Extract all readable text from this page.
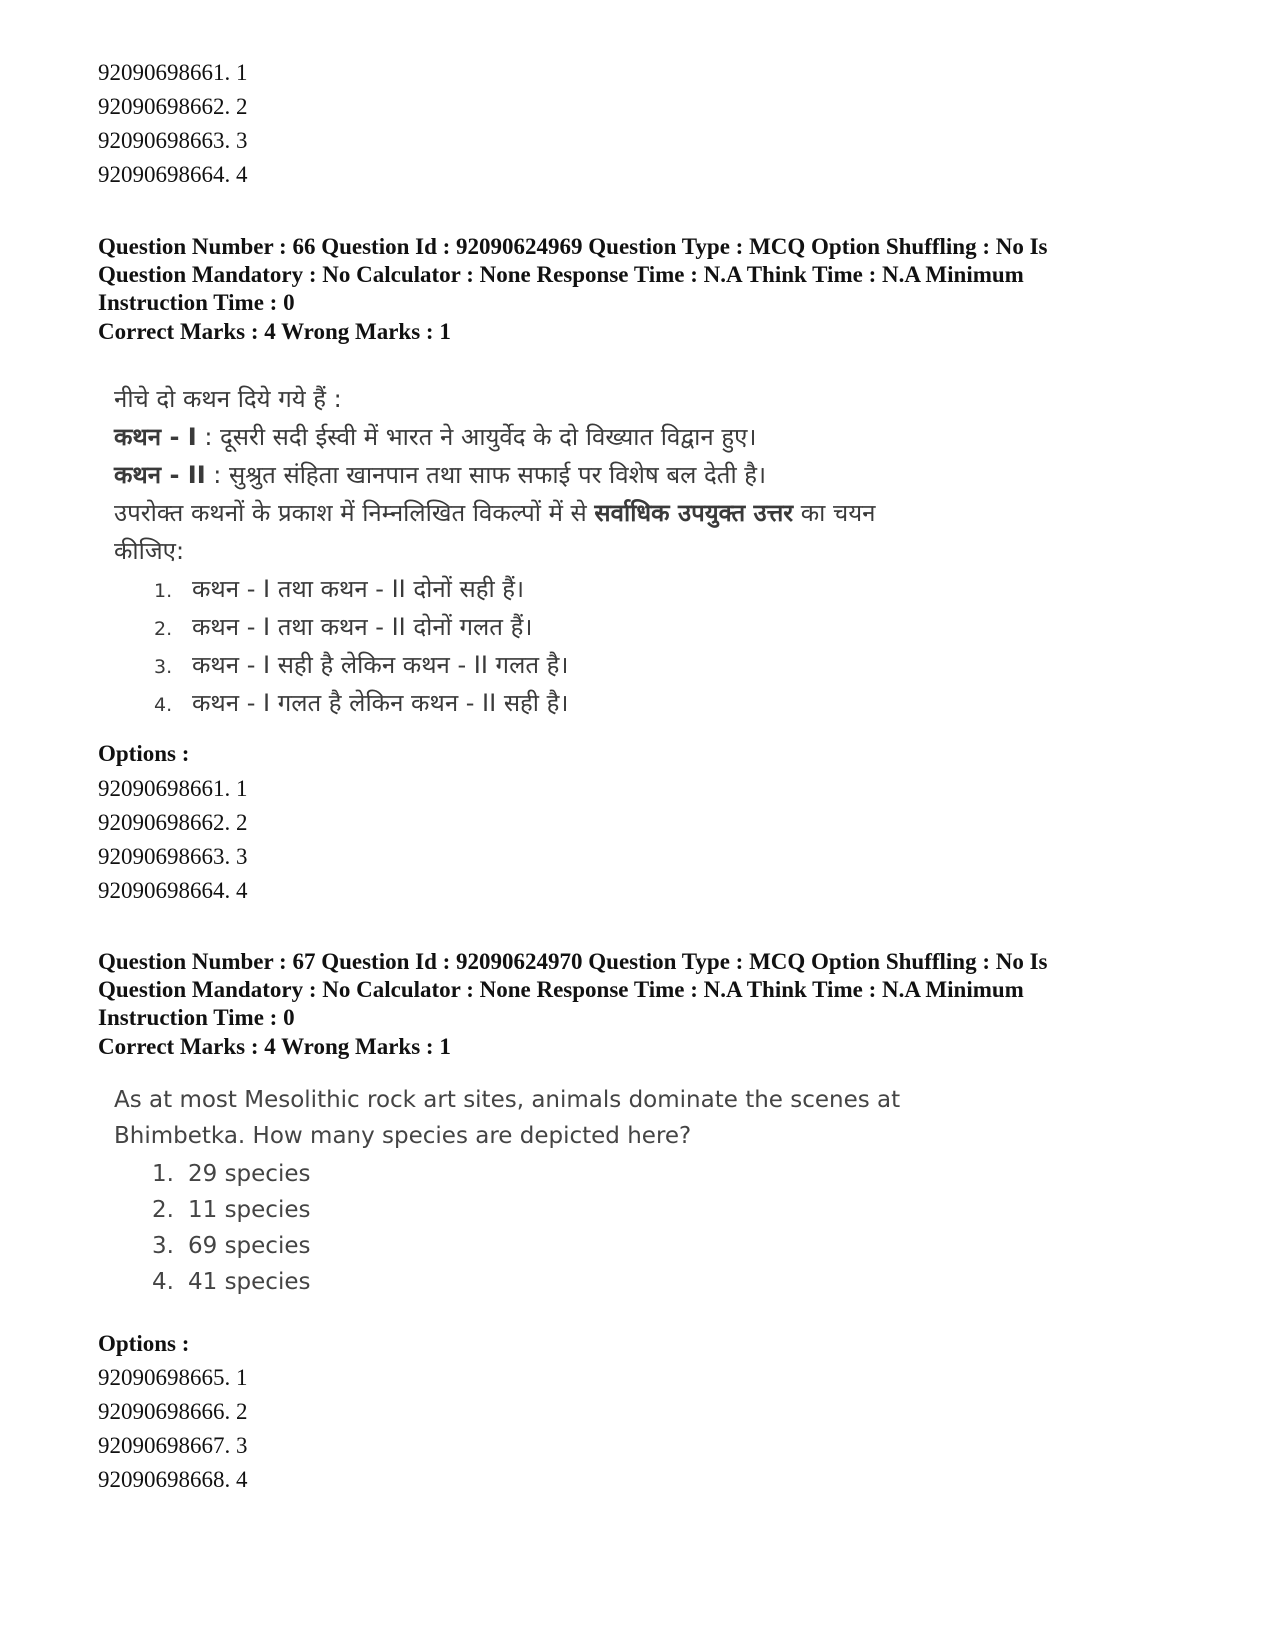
92090698661. 1
92090698662. 2
92090698663. 3
92090698664. 4
Question Number : 66 Question Id : 92090624969 Question Type : MCQ Option Shuffling : No Is
Question Mandatory : No Calculator : None Response Time : N.A Think Time : N.A Minimum
Instruction Time : 0
Correct Marks : 4 Wrong Marks : 1
नीचे दो कथन दिये गये हैं :
कथन - I : दूसरी सदी ईस्वी में भारत ने आयुर्वेद के दो विख्यात विद्वान हुए।
कथन - II : सुश्रुत संहिता खानपान तथा साफ सफाई पर विशेष बल देती है।
उपरोक्त कथनों के प्रकाश में निम्नलिखित विकल्पों में से सर्वाधिक उपयुक्त उत्तर का चयन
कीजिए:
1. कथन - I तथा कथन - II दोनों सही हैं।
2. कथन - I तथा कथन - II दोनों गलत हैं।
3. कथन - I सही है लेकिन कथन - II गलत है।
4. कथन - I गलत है लेकिन कथन - II सही है।
Options :
92090698661. 1
92090698662. 2
92090698663. 3
92090698664. 4
Question Number : 67 Question Id : 92090624970 Question Type : MCQ Option Shuffling : No Is
Question Mandatory : No Calculator : None Response Time : N.A Think Time : N.A Minimum
Instruction Time : 0
Correct Marks : 4 Wrong Marks : 1
As at most Mesolithic rock art sites, animals dominate the scenes at
Bhimbetka. How many species are depicted here?
1. 29 species
2. 11 species
3. 69 species
4. 41 species
Options :
92090698665. 1
92090698666. 2
92090698667. 3
92090698668. 4
